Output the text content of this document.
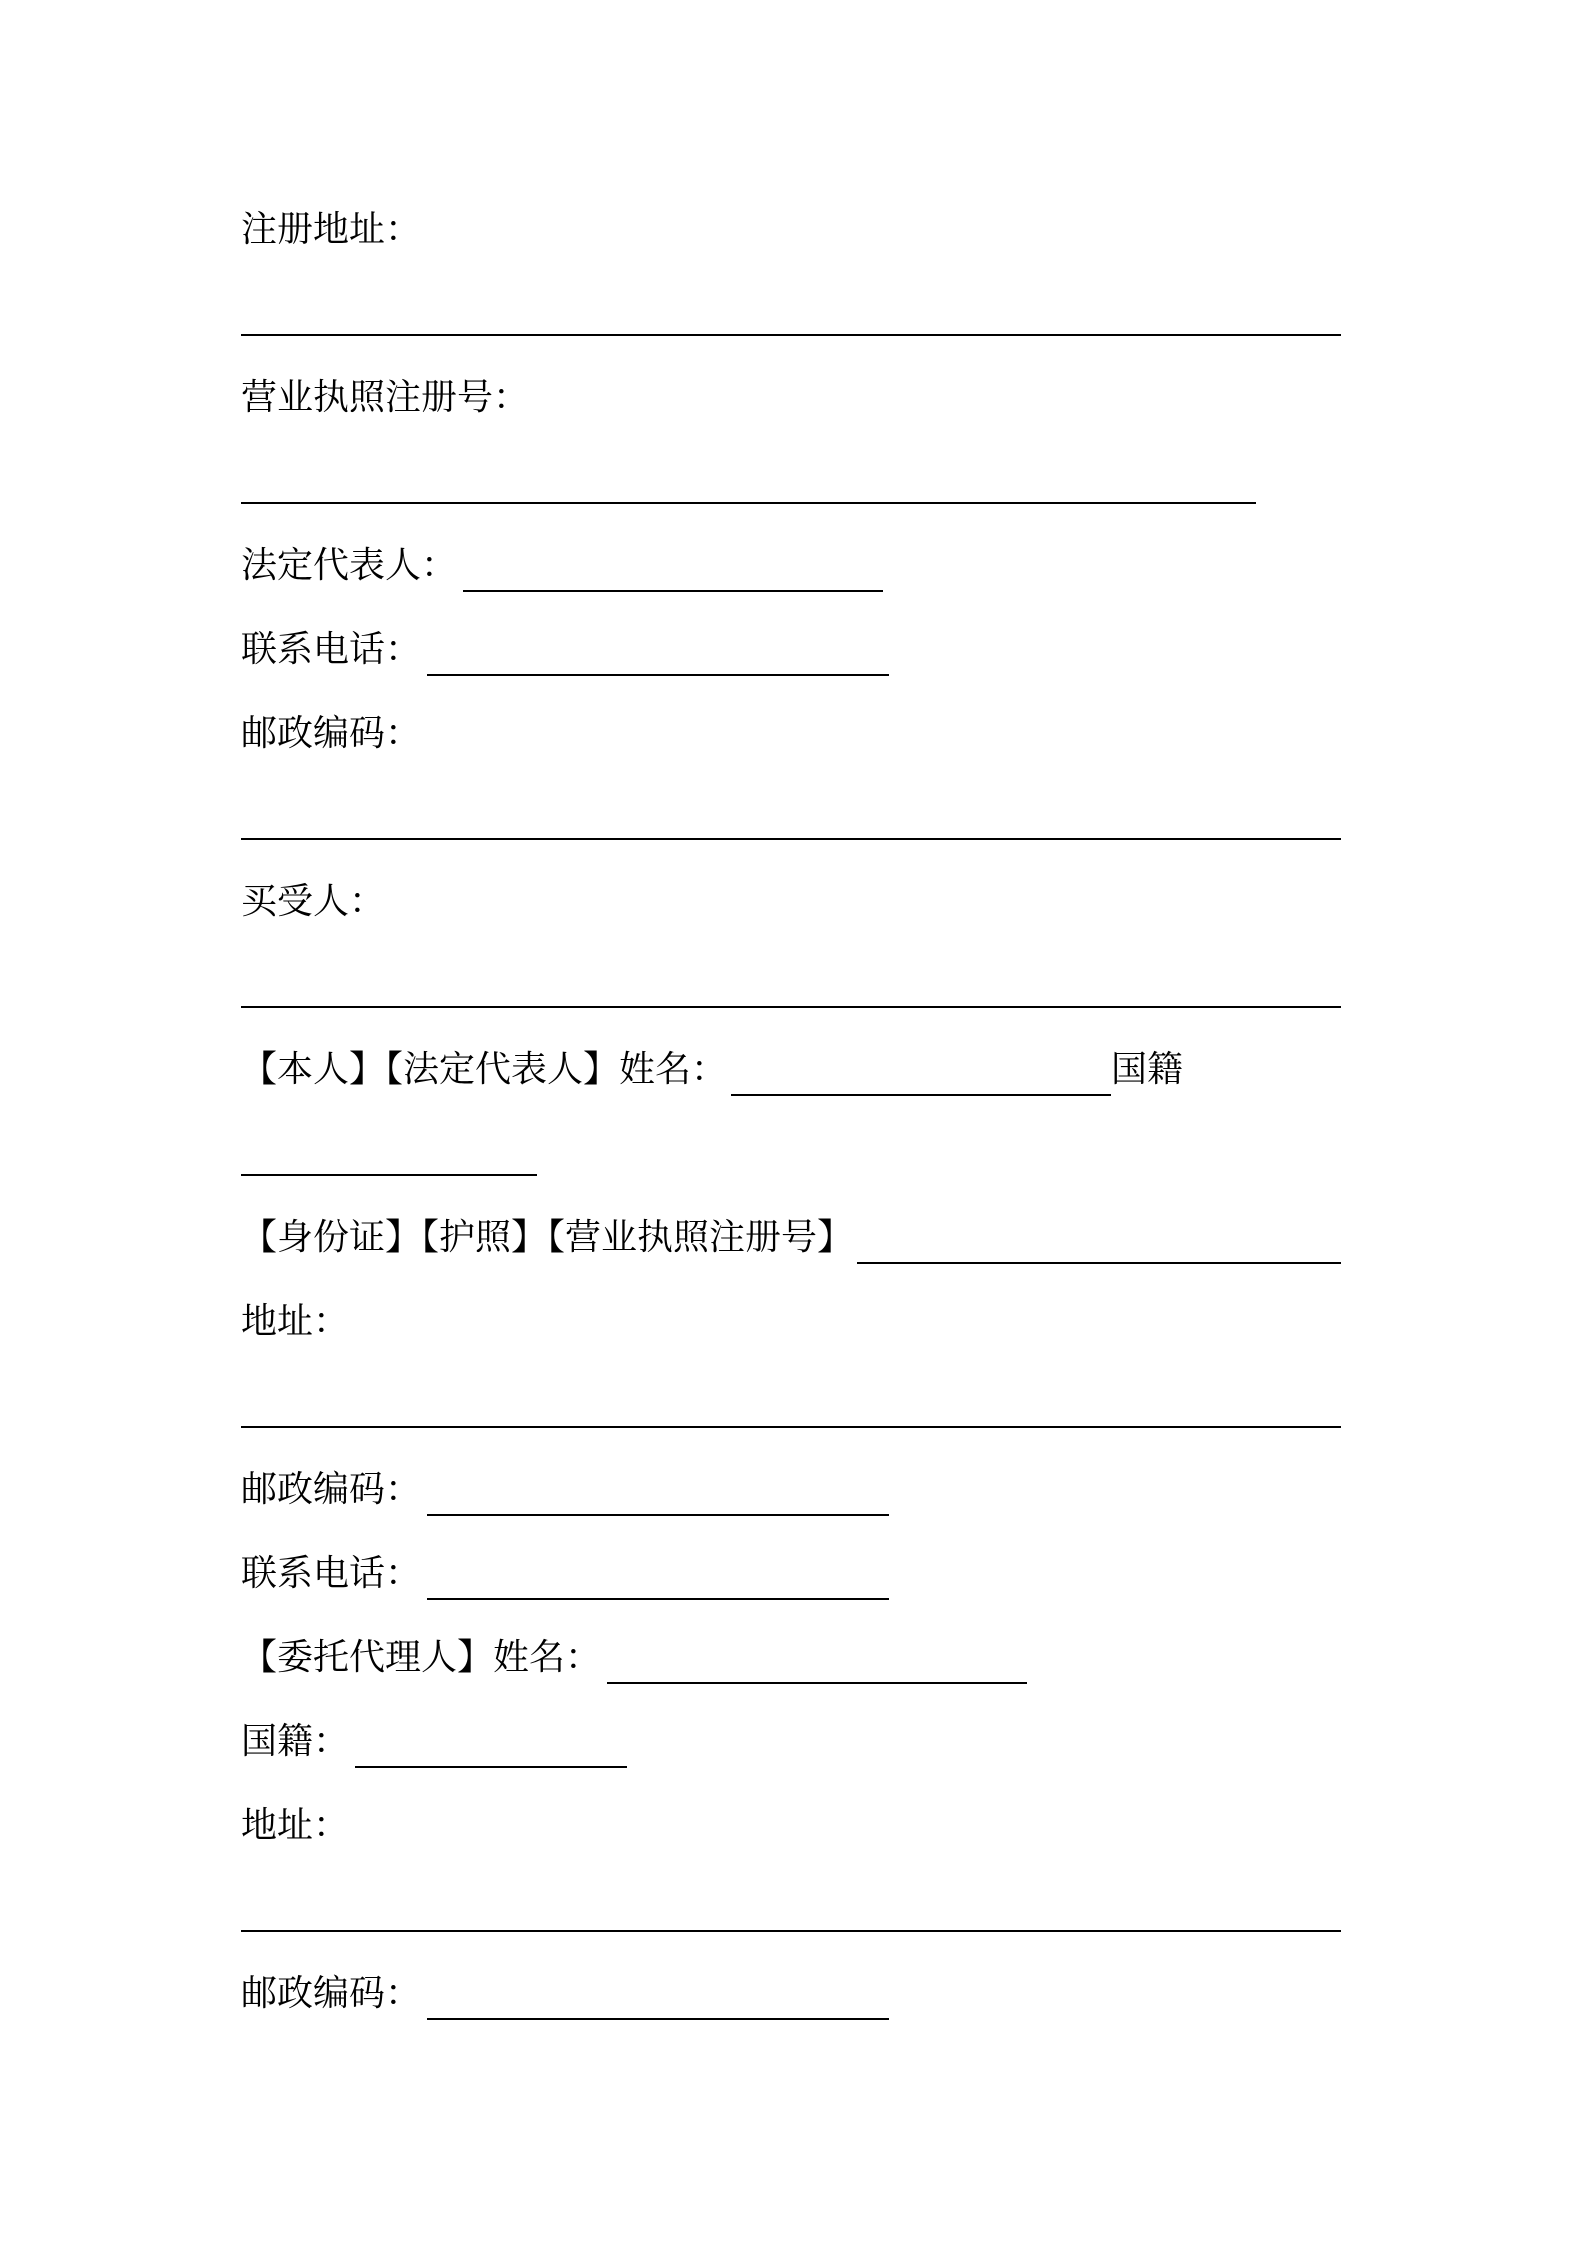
注册地址：
营业执照注册号：
法定代表人：
联系电话：
邮政编码：
买受人：
【本人】【法定代表人】姓名：	国籍
【身份证】【护照】【营业执照注册号】
地址：
邮政编码：
联系电话：
【委托代理人】姓名：
国籍：
地址：
邮政编码：
